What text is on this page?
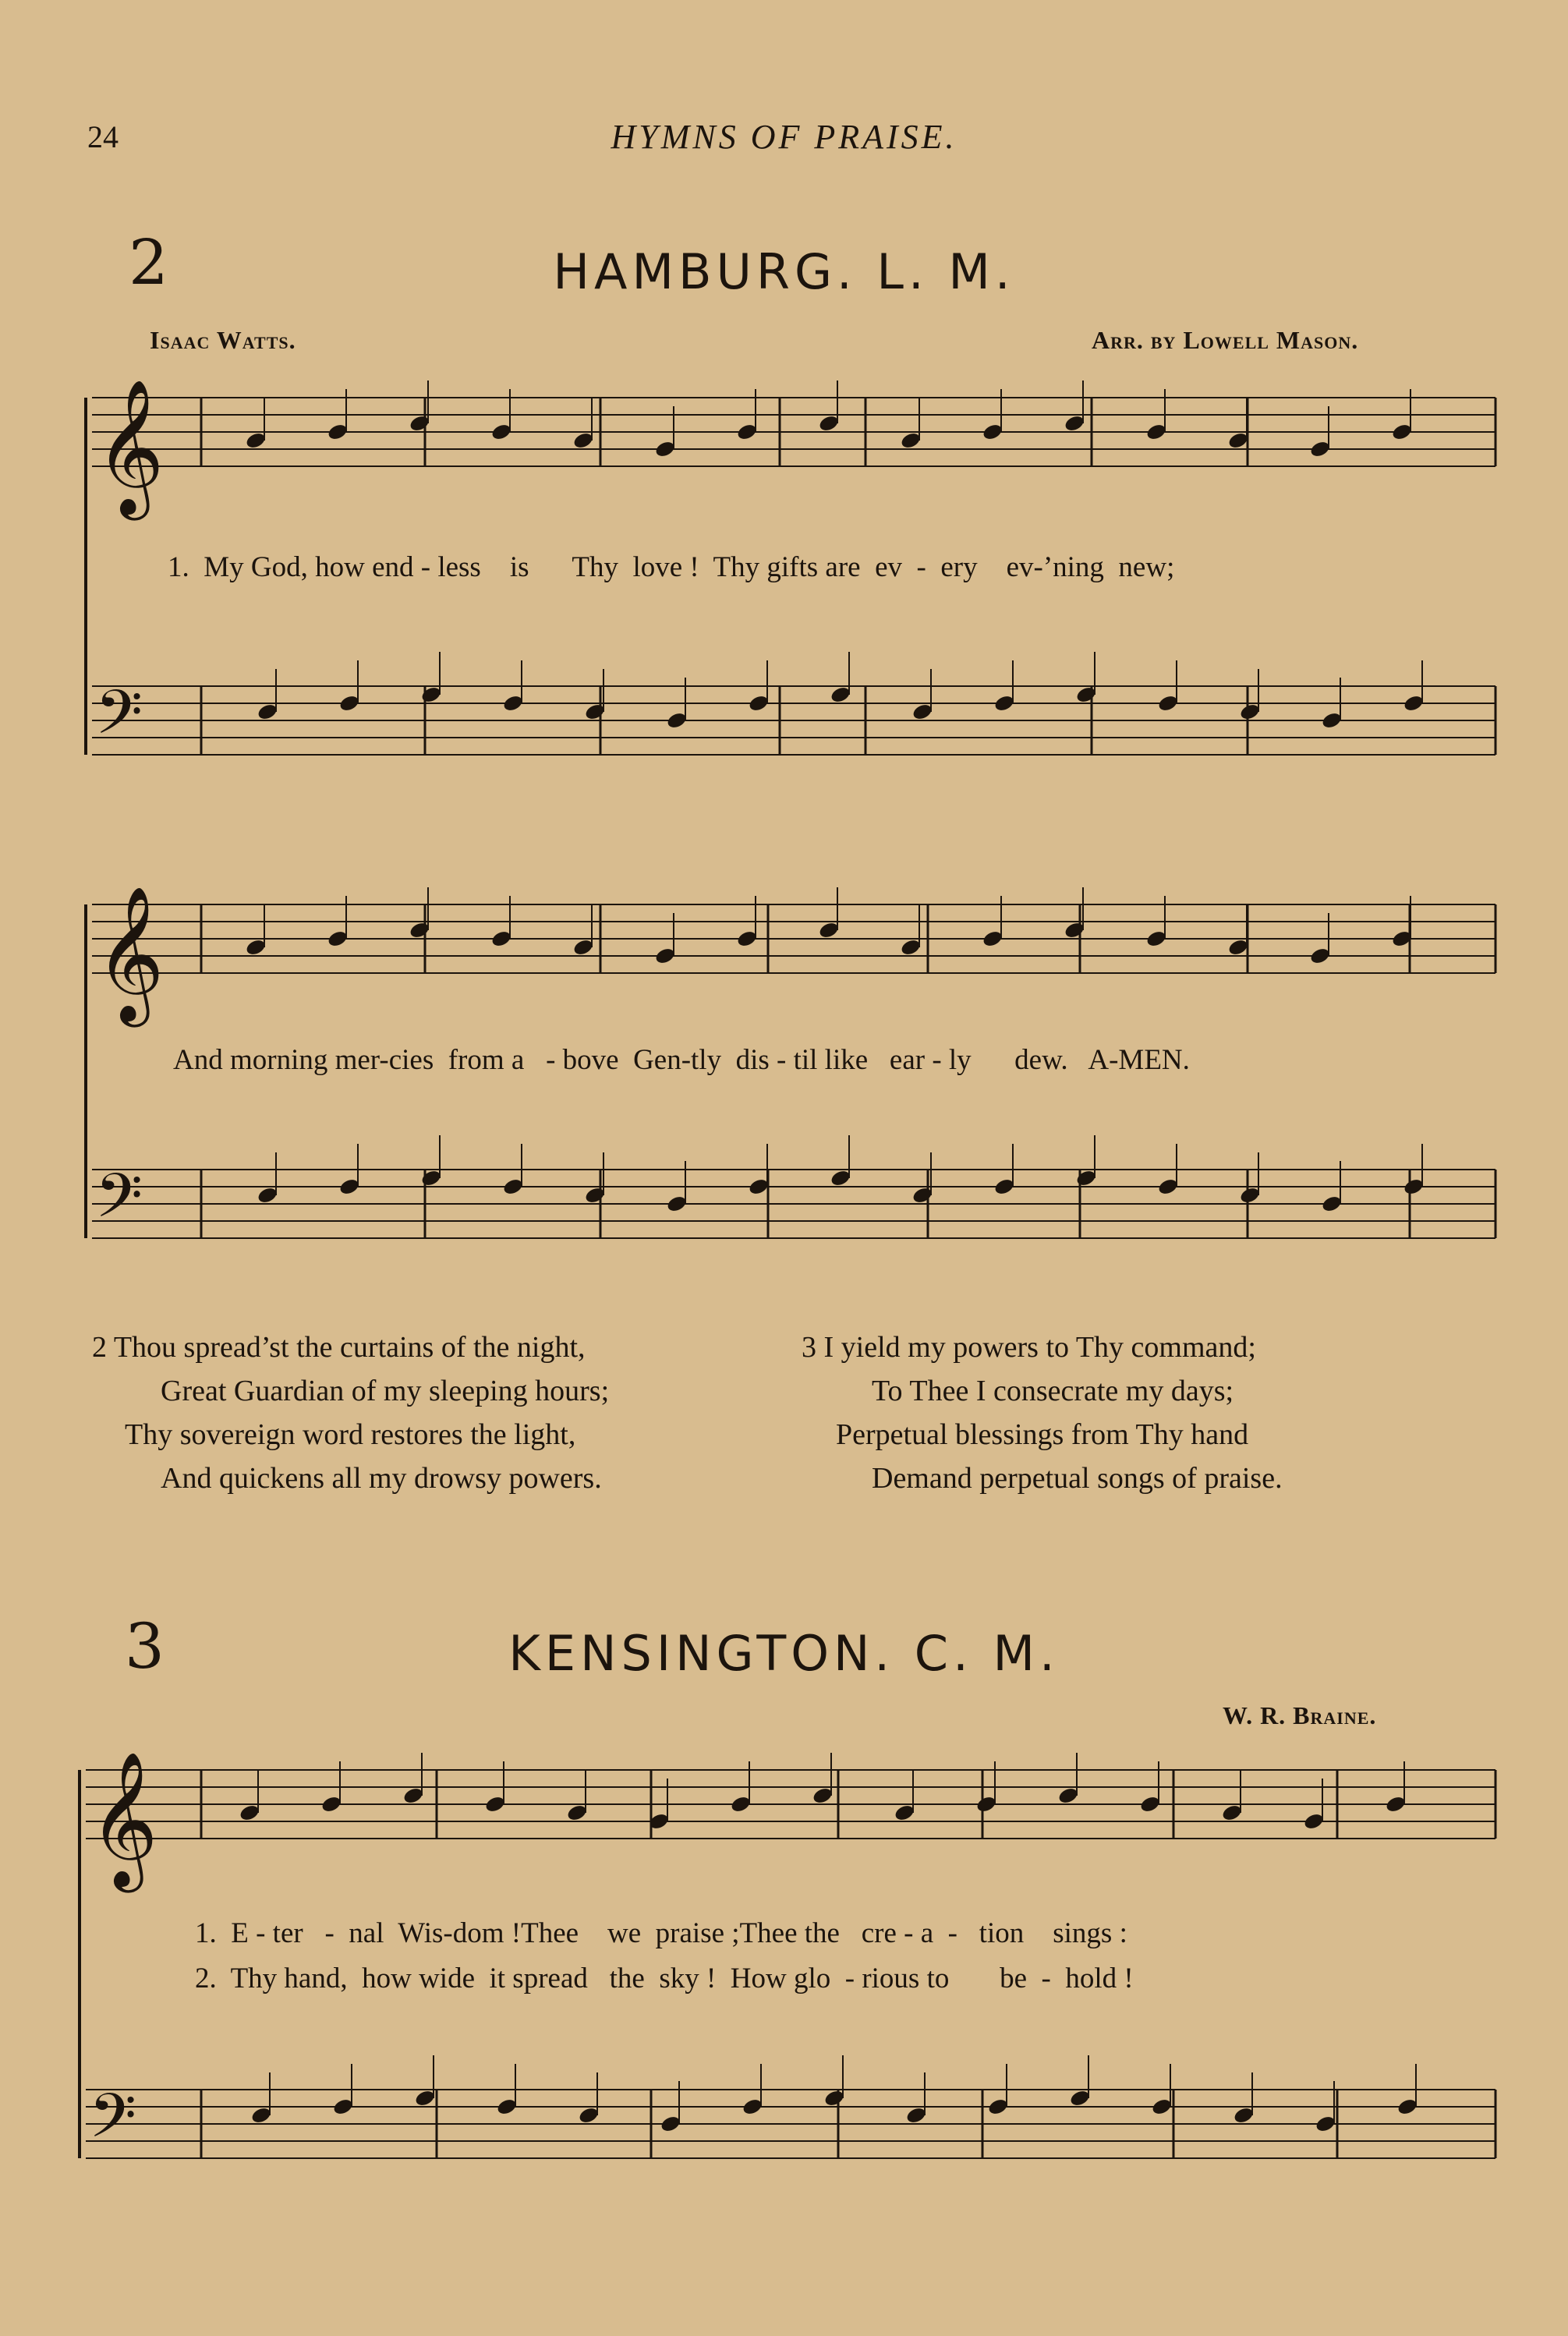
24	HYMNS OF PRAISE.
2	HAMBURG. L. M.
Isaac Watts.	Arr. by Lowell Mason.
1.  My God, how end - less    is      Thy  love !  Thy gifts are  ev  -  ery    ev-’ning  new;
And morning mer-cies  from a   - bove  Gen-tly  dis - til like   ear - ly      dew.   A-MEN.
2 Thou spread’st the curtains of the night,
Great Guardian of my sleeping hours;
Thy sovereign word restores the light,
And quickens all my drowsy powers.
3 I yield my powers to Thy command;
To Thee I consecrate my days;
Perpetual blessings from Thy hand
Demand perpetual songs of praise.
3	KENSINGTON. C. M.
W. R. Braine.
1.  E - ter   -  nal  Wis-dom !Thee    we  praise ;Thee the   cre - a  -   tion    sings :
2.  Thy hand,  how wide  it spread   the  sky !  How glo  - rious to       be  -  hold !
𝄞
𝄢
𝄞
𝄢
𝄞
𝄢
